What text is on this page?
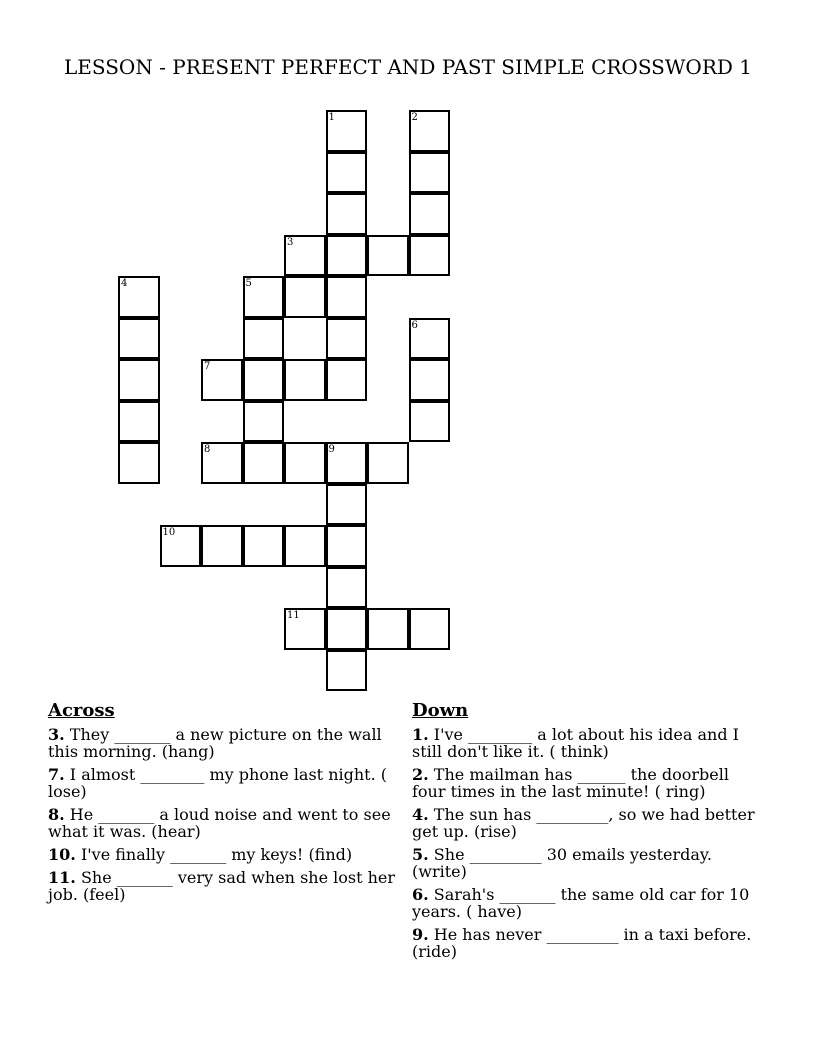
LESSON - PRESENT PERFECT AND PAST SIMPLE CROSSWORD 1
1	2
3
4	5
6
7
8	9
10
11
Across
3. They _______ a new picture on the wall this morning. (hang)
7. I almost ________ my phone last night. ( lose)
8. He _______ a loud noise and went to see what it was. (hear)
10. I've finally _______ my keys! (find)
11. She _______ very sad when she lost her job. (feel)
Down
1. I've ________ a lot about his idea and I still don't like it. ( think)
2. The mailman has ______ the doorbell four times in the last minute! ( ring)
4. The sun has _________, so we had better get up. (rise)
5. She _________ 30 emails yesterday. (write)
6. Sarah's _______ the same old car for 10 years. ( have)
9. He has never _________ in a taxi before. (ride)
